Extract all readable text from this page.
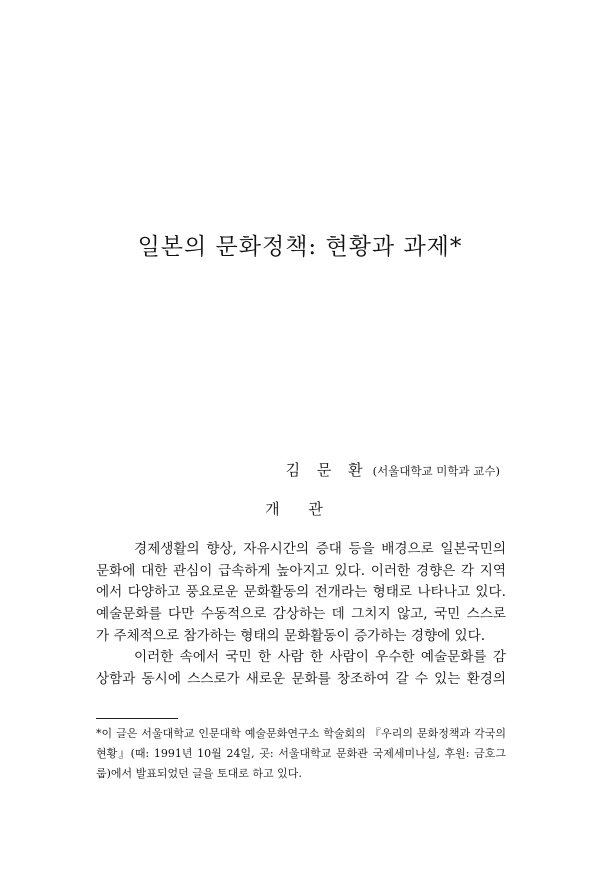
일본의 문화정책: 현황과 과제*
김 문 환 (서울대학교 미학과 교수)
개 관
경제생활의 향상, 자유시간의 증대 등을 배경으로 일본국민의
문화에 대한 관심이 급속하게 높아지고 있다. 이러한 경향은 각 지역
에서 다양하고 풍요로운 문화활동의 전개라는 형태로 나타나고 있다.
예술문화를 다만 수동적으로 감상하는 데 그치지 않고, 국민 스스로
가 주체적으로 참가하는 형태의 문화활동이 증가하는 경향에 있다.
이러한 속에서 국민 한 사람 한 사람이 우수한 예술문화를 감
상함과 동시에 스스로가 새로운 문화를 창조하여 갈 수 있는 환경의
*이 글은 서울대학교 인문대학 예술문화연구소 학술회의 『우리의 문화정책과 각국의
현황』(때: 1991년 10월 24일, 곳: 서울대학교 문화관 국제세미나실, 후원: 금호그
룹)에서 발표되었던 글을 토대로 하고 있다.
